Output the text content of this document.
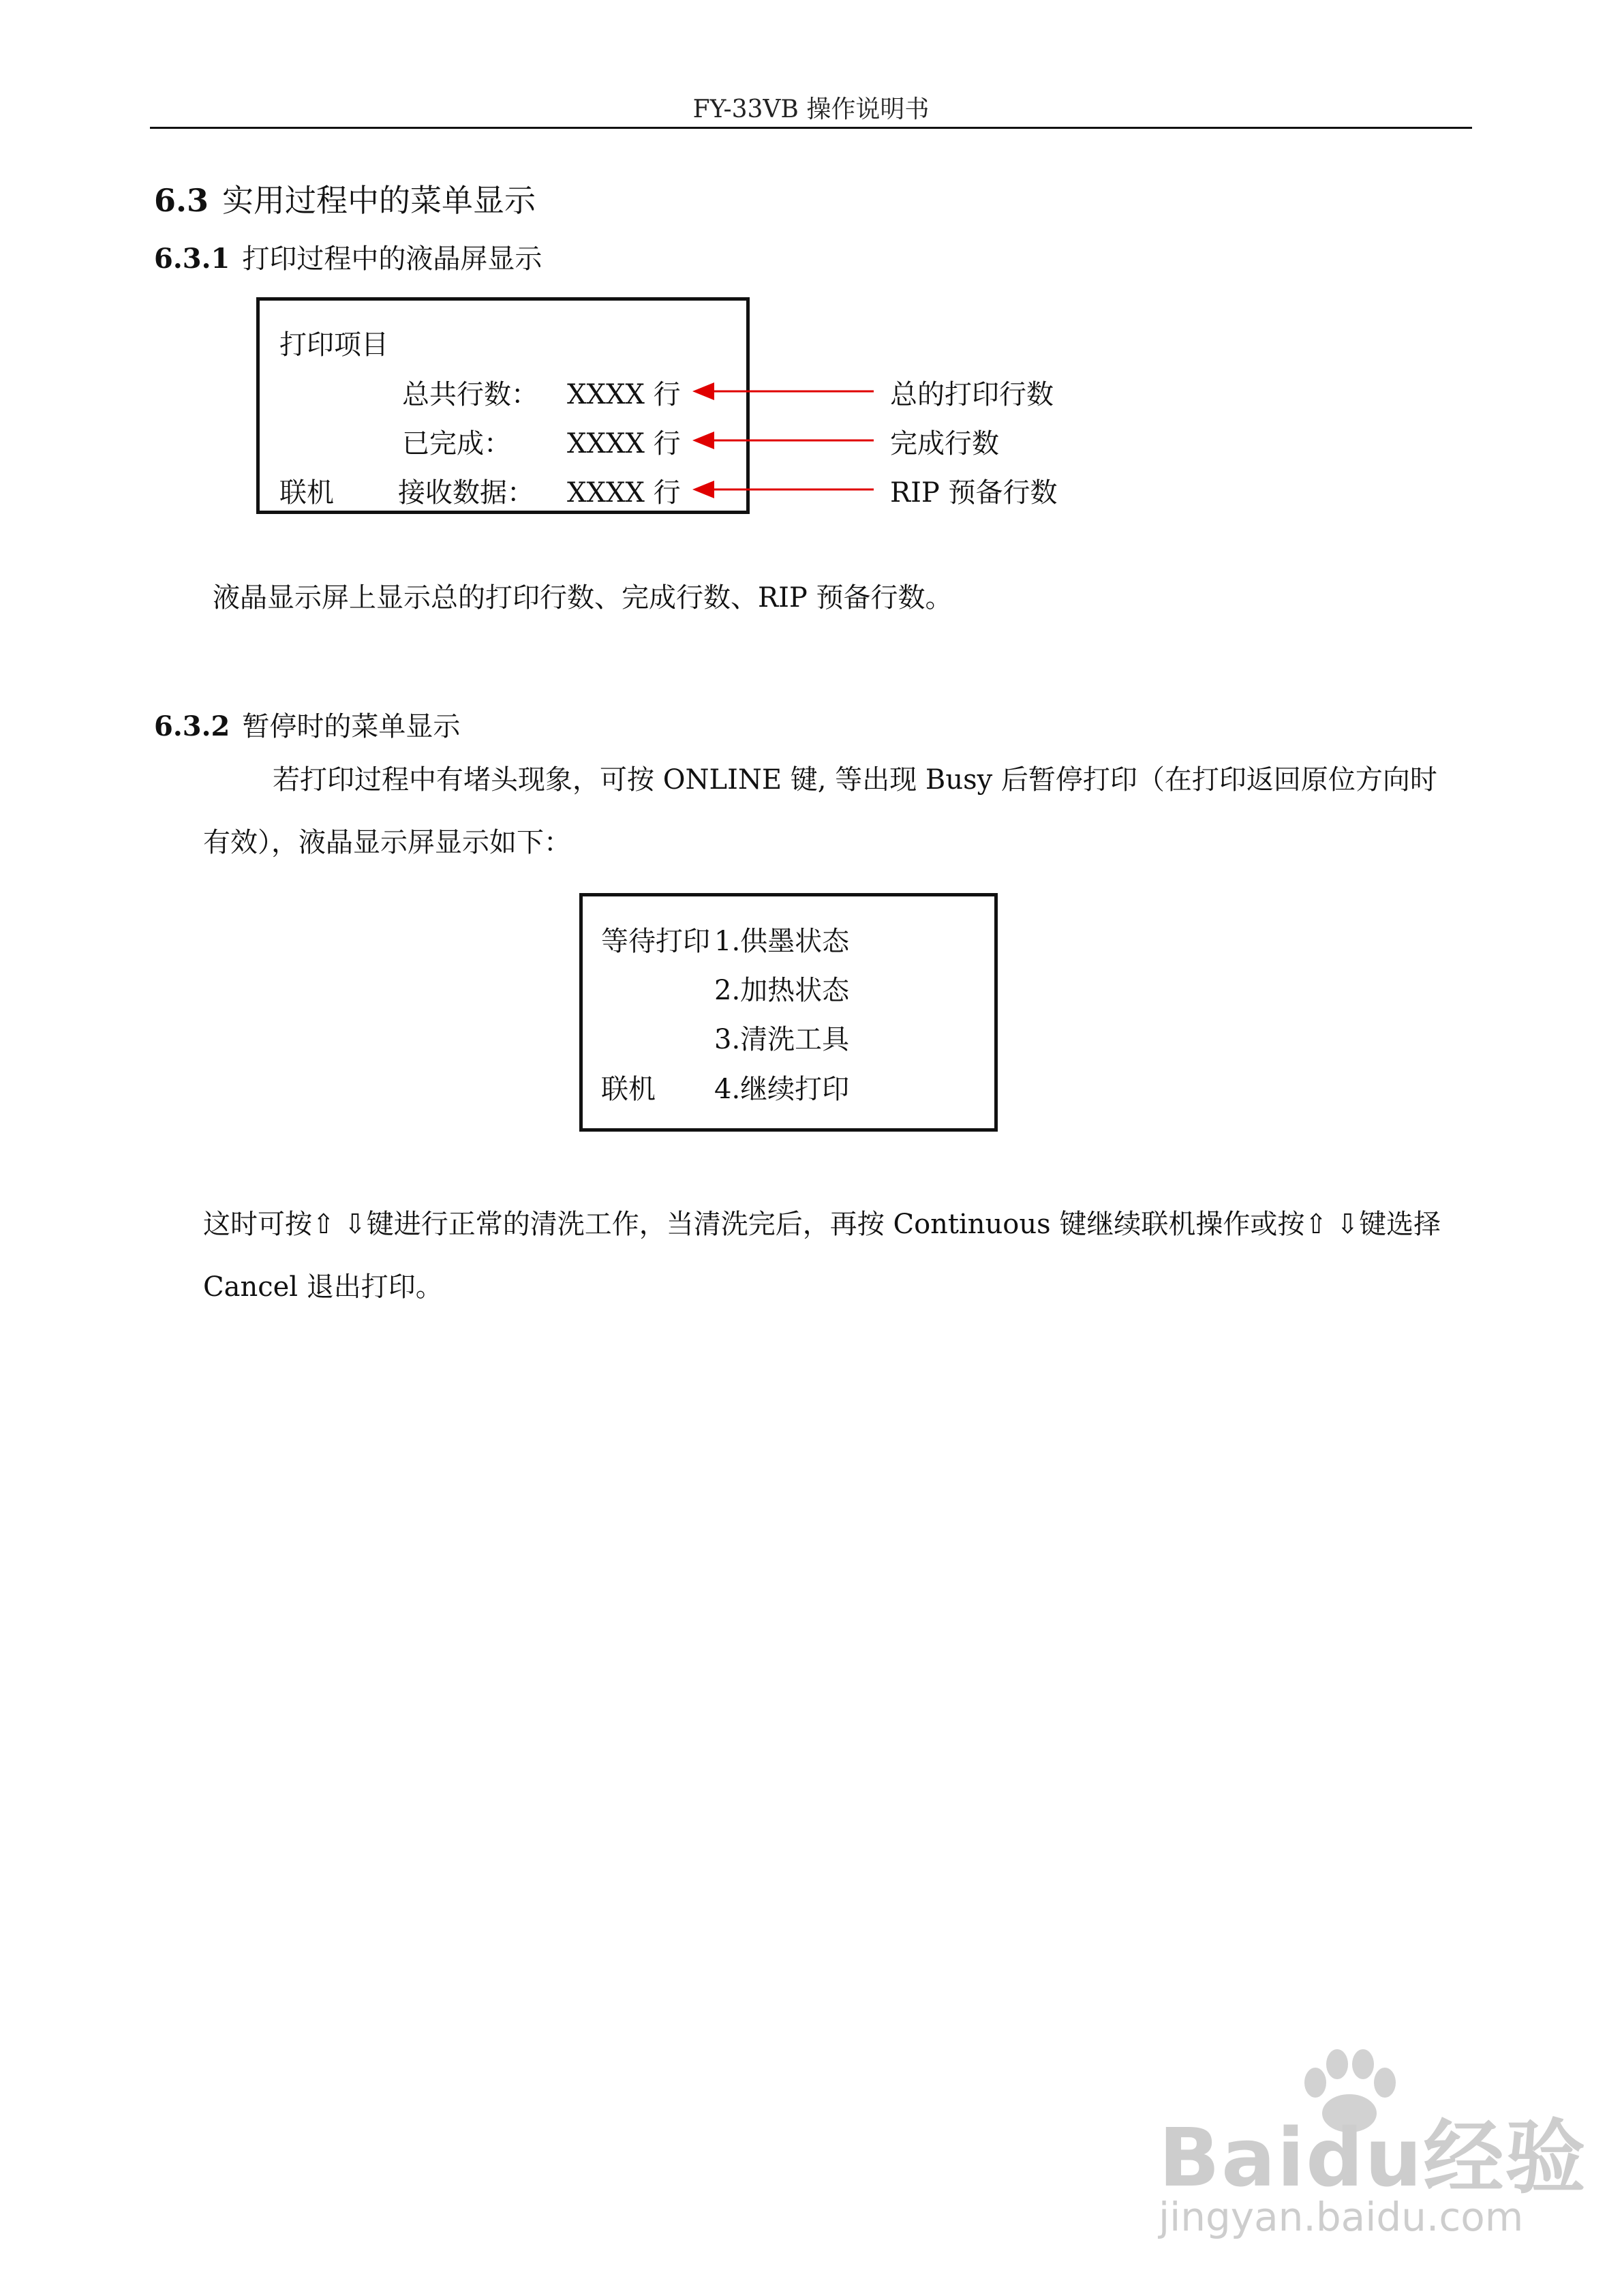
FY-33VB 操作说明书
6.3 实用过程中的菜单显示
6.3.1 打印过程中的液晶屏显示
打印项目
总共行数： XXXX 行
已完成： XXXX 行
联机 接收数据： XXXX 行
总的打印行数
完成行数
RIP 预备行数
液晶显示屏上显示总的打印行数、完成行数、RIP 预备行数。
6.3.2 暂停时的菜单显示
若打印过程中有堵头现象，可按 ONLINE 键, 等出现 Busy 后暂停打印（在打印返回原位方向时
有效），液晶显示屏显示如下：
等待打印 1.供墨状态
2.加热状态
3.清洗工具
联机 4.继续打印
这时可按⇧ ⇩键进行正常的清洗工作，当清洗完后，再按 Continuous 键继续联机操作或按⇧ ⇩键选择
Cancel 退出打印。
Baidu经验
jingyan.baidu.com
